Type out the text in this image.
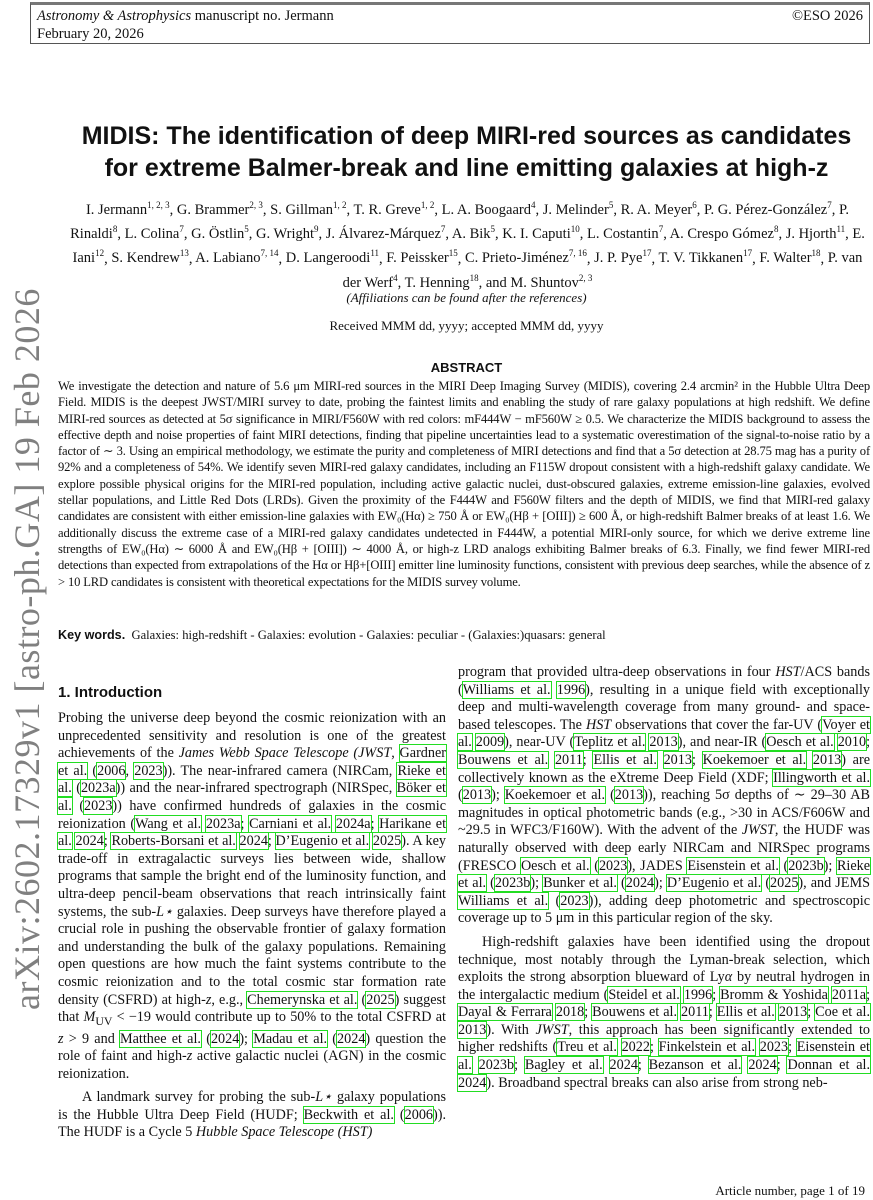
Astronomy & Astrophysics manuscript no. Jermann
February 20, 2026
©ESO 2026
arXiv:2602.17329v1 [astro-ph.GA] 19 Feb 2026
MIDIS: The identification of deep MIRI-red sources as candidates
for extreme Balmer-break and line emitting galaxies at high-z
I. Jermann$^{1, 2, 3}$, G. Brammer$^{2, 3}$, S. Gillman$^{1, 2}$, T. R. Greve$^{1, 2}$, L. A. Boogaard$^4$, J. Melinder$^5$, R. A. Meyer$^6$, P. G. Pérez-González$^7$, P. Rinaldi$^8$, L. Colina$^7$, G. Östlin$^5$, G. Wright$^9$, J. Álvarez-Márquez$^7$, A. Bik$^5$, K. I. Caputi$^{10}$, L. Costantin$^7$, A. Crespo Gómez$^8$, J. Hjorth$^{11}$, E. Iani$^{12}$, S. Kendrew$^{13}$, A. Labiano$^{7, 14}$, D. Langeroodi$^{11}$, F. Peissker$^{15}$, C. Prieto-Jiménez$^{7, 16}$, J. P. Pye$^{17}$, T. V. Tikkanen$^{17}$, F. Walter$^{18}$, P. van der Werf$^4$, T. Henning$^{18}$, and M. Shuntov$^{2, 3}$
(Affiliations can be found after the references)
Received MMM dd, yyyy; accepted MMM dd, yyyy
ABSTRACT
We investigate the detection and nature of 5.6 μm MIRI-red sources in the MIRI Deep Imaging Survey (MIDIS), covering 2.4 arcmin² in the Hubble Ultra Deep Field. MIDIS is the deepest JWST/MIRI survey to date, probing the faintest limits and enabling the study of rare galaxy populations at high redshift. We define MIRI-red sources as detected at 5σ significance in MIRI/F560W with red colors: mF444W − mF560W ≥ 0.5. We characterize the MIDIS background to assess the effective depth and noise properties of faint MIRI detections, finding that pipeline uncertainties lead to a systematic overestimation of the signal-to-noise ratio by a factor of ∼ 3. Using an empirical methodology, we estimate the purity and completeness of MIRI detections and find that a 5σ detection at 28.75 mag has a purity of 92% and a completeness of 54%. We identify seven MIRI-red galaxy candidates, including an F115W dropout consistent with a high-redshift galaxy candidate. We explore possible physical origins for the MIRI-red population, including active galactic nuclei, dust-obscured galaxies, extreme emission-line galaxies, evolved stellar populations, and Little Red Dots (LRDs). Given the proximity of the F444W and F560W filters and the depth of MIDIS, we find that MIRI-red galaxy candidates are consistent with either emission-line galaxies with EW₀(Hα) ≥ 750 Å or EW₀(Hβ + [OIII]) ≥ 600 Å, or high-redshift Balmer breaks of at least 1.6. We additionally discuss the extreme case of a MIRI-red galaxy candidates undetected in F444W, a potential MIRI-only source, for which we derive extreme line strengths of EW₀(Hα) ∼ 6000 Å and EW₀(Hβ + [OIII]) ∼ 4000 Å, or high-z LRD analogs exhibiting Balmer breaks of 6.3. Finally, we find fewer MIRI-red detections than expected from extrapolations of the Hα or Hβ+[OIII] emitter line luminosity functions, consistent with previous deep searches, while the absence of z > 10 LRD candidates is consistent with theoretical expectations for the MIDIS survey volume.
Key words. Galaxies: high-redshift - Galaxies: evolution - Galaxies: peculiar - (Galaxies:)quasars: general
1. Introduction

Probing the universe deep beyond the cosmic reionization with an unprecedented sensitivity and resolution is one of the greatest achievements of the James Webb Space Telescope (JWST, Gardner et al. (2006, 2023)). The near-infrared camera (NIRCam, Rieke et al. (2023a)) and the near-infrared spectrograph (NIRSpec, Böker et al. (2023)) have confirmed hundreds of galaxies in the cosmic reionization (Wang et al. 2023a; Carniani et al. 2024a; Harikane et al. 2024; Roberts-Borsani et al. 2024; D’Eugenio et al. 2025). A key trade-off in extragalactic surveys lies between wide, shallow programs that sample the bright end of the luminosity function, and ultra-deep pencil-beam observations that reach intrinsically faint systems, the sub-L⋆ galaxies. Deep surveys have therefore played a crucial role in pushing the observable frontier of galaxy formation and understanding the bulk of the galaxy populations. Remaining open questions are how much the faint systems contribute to the cosmic reionization and to the total cosmic star formation rate density (CSFRD) at high-z, e.g., Chemerynska et al. (2025) suggest that $M_{UV} < -19$ would contribute up to 50% to the total CSFRD at z > 9 and Matthee et al. (2024); Madau et al. (2024) question the role of faint and high-z active galactic nuclei (AGN) in the cosmic reionization.

A landmark survey for probing the sub-L⋆ galaxy populations is the Hubble Ultra Deep Field (HUDF; Beckwith et al. (2006)). The HUDF is a Cycle 5 Hubble Space Telescope (HST)

program that provided ultra-deep observations in four HST/ACS bands (Williams et al. 1996), resulting in a unique field with exceptionally deep and multi-wavelength coverage from many ground- and space-based telescopes. The HST observations that cover the far-UV (Voyer et al. 2009), near-UV (Teplitz et al. 2013), and near-IR (Oesch et al. 2010; Bouwens et al. 2011; Ellis et al. 2013; Koekemoer et al. 2013) are collectively known as the eXtreme Deep Field (XDF; Illingworth et al. (2013); Koekemoer et al. (2013)), reaching 5σ depths of ∼ 29–30 AB magnitudes in optical photometric bands (e.g., >30 in ACS/F606W and ~29.5 in WFC3/F160W). With the advent of the JWST, the HUDF was naturally observed with deep early NIRCam and NIRSpec programs (FRESCO Oesch et al. (2023), JADES Eisenstein et al. (2023b); Rieke et al. (2023b); Bunker et al. (2024); D’Eugenio et al. (2025), and JEMS Williams et al. (2023)), adding deep photometric and spectroscopic coverage up to 5 μm in this particular region of the sky.

High-redshift galaxies have been identified using the dropout technique, most notably through the Lyman-break selection, which exploits the strong absorption blueward of Lyα by neutral hydrogen in the intergalactic medium (Steidel et al. 1996; Bromm & Yoshida 2011a; Dayal & Ferrara 2018; Bouwens et al. 2011; Ellis et al. 2013; Coe et al. 2013). With JWST, this approach has been significantly extended to higher redshifts (Treu et al. 2022; Finkelstein et al. 2023; Eisenstein et al. 2023b; Bagley et al. 2024; Bezanson et al. 2024; Donnan et al. 2024). Broadband spectral breaks can also arise from strong neb-

Article number, page 1 of 19
